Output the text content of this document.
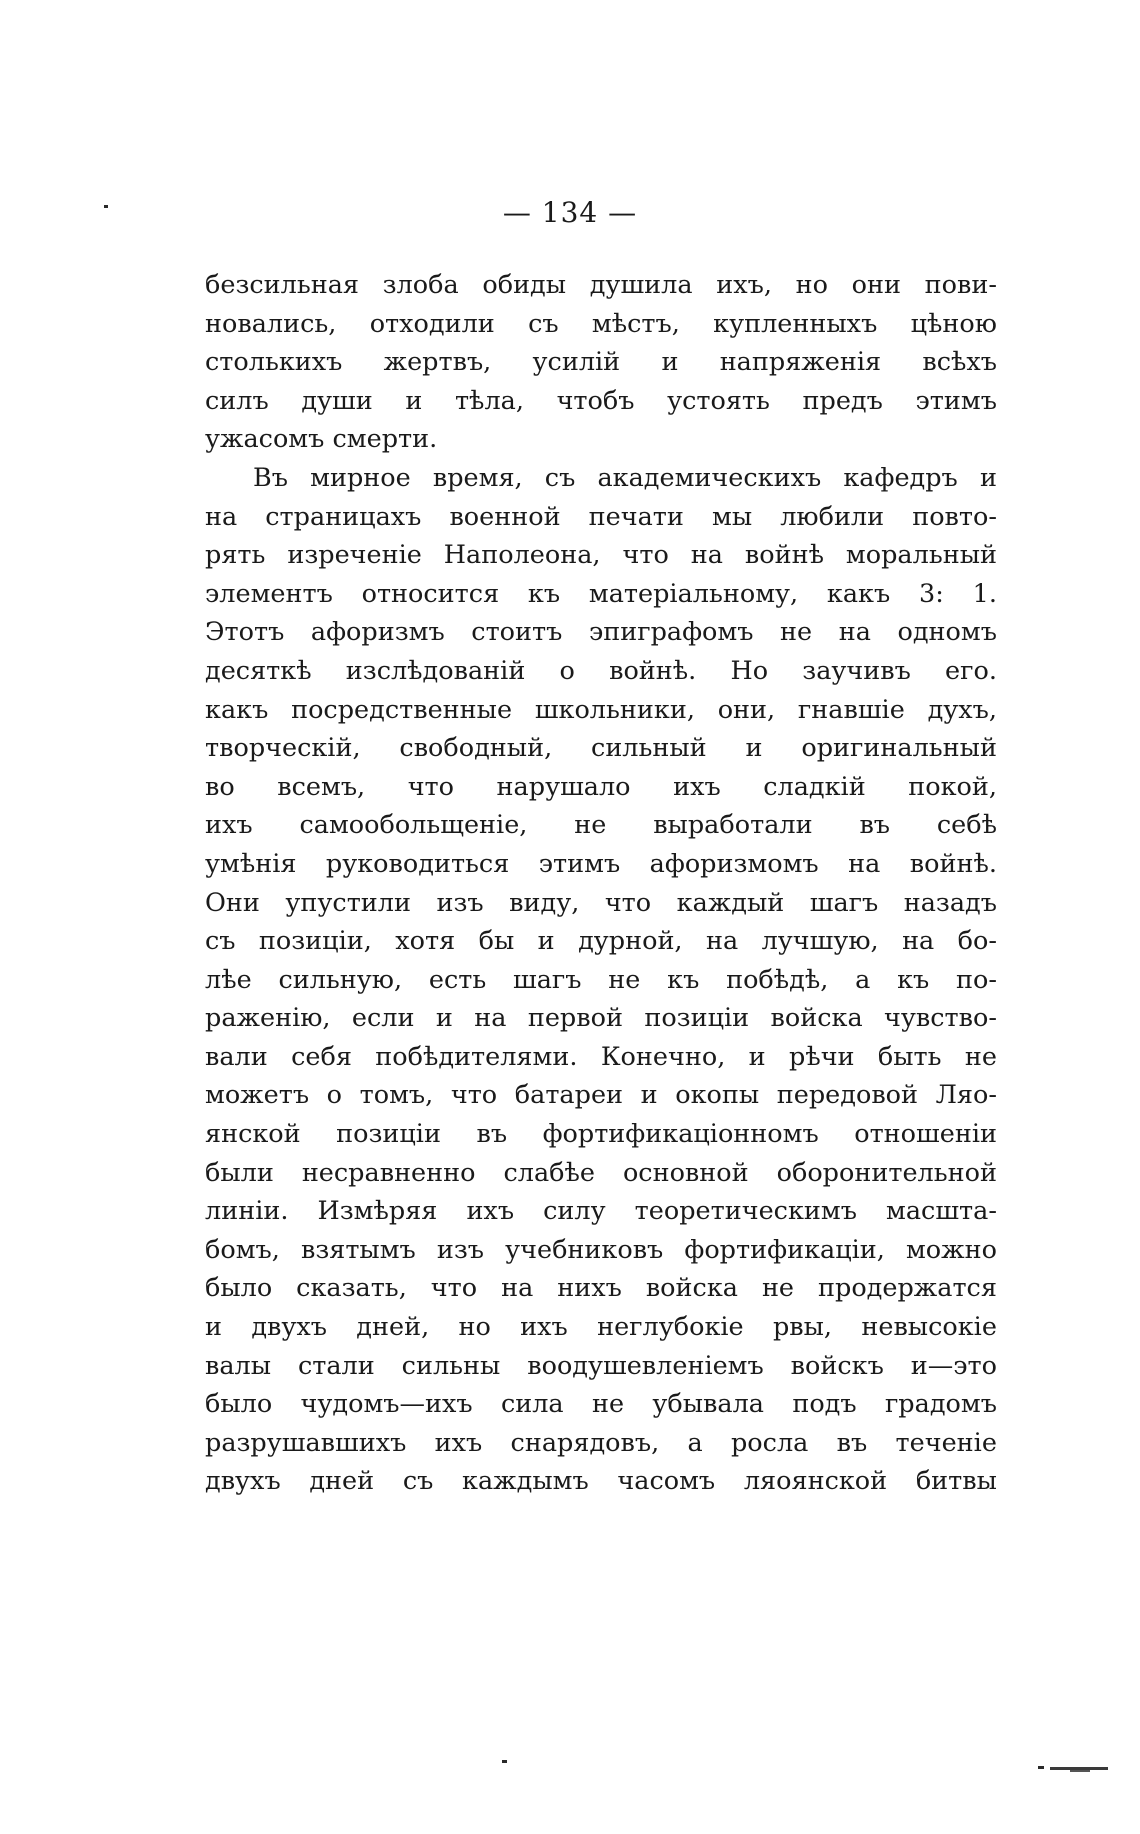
— 134 —
безсильная злоба обиды душила ихъ, но они пови-
новались, отходили съ мѣстъ, купленныхъ цѣною
столькихъ жертвъ, усилій и напряженія всѣхъ
силъ души и тѣла, чтобъ устоять предъ этимъ
ужасомъ смерти.
Въ мирное время, съ академическихъ кафедръ и
на страницахъ военной печати мы любили повто-
рять изреченіе Наполеона, что на войнѣ моральный
элементъ относится къ матеріальному, какъ 3: 1.
Этотъ афоризмъ стоитъ эпиграфомъ не на одномъ
десяткѣ изслѣдованій о войнѣ. Но заучивъ его.
какъ посредственные школьники, они, гнавшіе духъ,
творческій, свободный, сильный и оригинальный
во всемъ, что нарушало ихъ сладкій покой,
ихъ самообольщеніе, не выработали въ себѣ
умѣнія руководиться этимъ афоризмомъ на войнѣ.
Они упустили изъ виду, что каждый шагъ назадъ
съ позиціи, хотя бы и дурной, на лучшую, на бо-
лѣе сильную, есть шагъ не къ побѣдѣ, а къ по-
раженію, если и на первой позиціи войска чувство-
вали себя побѣдителями. Конечно, и рѣчи быть не
можетъ о томъ, что батареи и окопы передовой Ляо-
янской позиціи въ фортификаціонномъ отношеніи
были несравненно слабѣе основной оборонительной
линіи. Измѣряя ихъ силу теоретическимъ масшта-
бомъ, взятымъ изъ учебниковъ фортификаціи, можно
было сказать, что на нихъ войска не продержатся
и двухъ дней, но ихъ неглубокіе рвы, невысокіе
валы стали сильны воодушевленіемъ войскъ и—это
было чудомъ—ихъ сила не убывала подъ градомъ
разрушавшихъ ихъ снарядовъ, а росла въ теченіе
двухъ дней съ каждымъ часомъ ляоянской битвы
